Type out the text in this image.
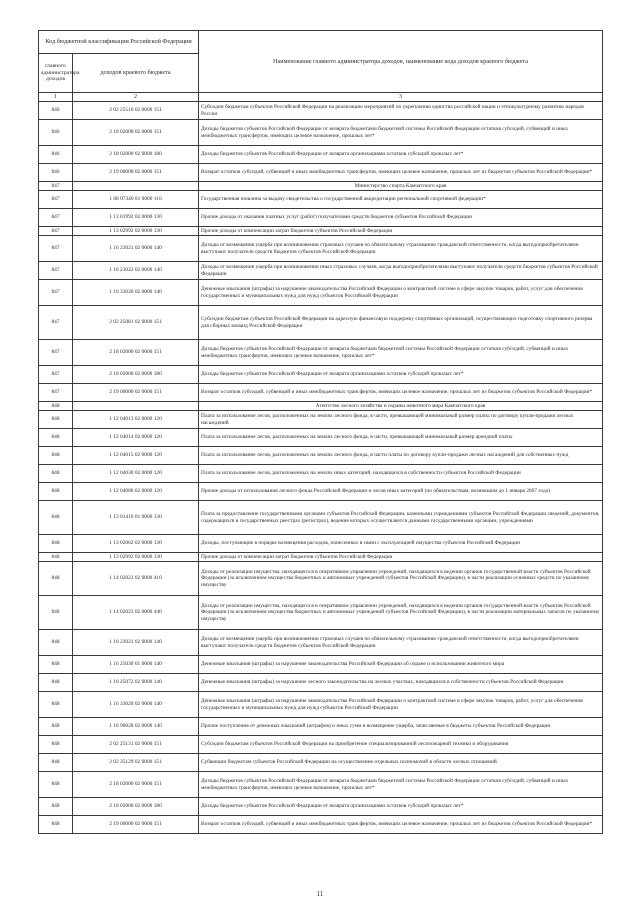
Код бюджетной классификации Российской Федерации		Наименование главного администратора доходов, наименование кода доходов краевого бюджета
главного администратора доходов	доходов краевого бюджета	
1	2	3
846	2 02 25516 02 0000 151	Субсидии бюджетам субъектов Российской Федерации на реализацию мероприятий по укреплению единства российской нации и этнокультурному развитию народов России
846	2 18 02000 02 0000 151	Доходы бюджетов субъектов Российской Федерации от возврата бюджетами бюджетной системы Российской Федерации остатков субсидий, субвенций и иных межбюджетных трансфертов, имеющих целевое назначение, прошлых лет*
846	2 18 02000 02 0000 180	Доходы бюджетов субъектов Российской Федерации от возврата организациями остатков субсидий прошлых лет*
846	2 19 00000 02 0000 151	Возврат остатков субсидий, субвенций и иных межбюджетных трансфертов, имеющих целевое назначение, прошлых лет из бюджетов субъектов Российской Федерации*
847		Министерство спорта Камчатского края
847	1 08 07340 01 0000 110	Государственная пошлина за выдачу свидетельства о государственной аккредитации региональной спортивной федерации*
847	1 13 01992 02 0000 130	Прочие доходы от оказания платных услуг (работ) получателями средств бюджетов субъектов Российской Федерации
847	1 13 02992 02 0000 130	Прочие доходы от компенсации затрат бюджетов субъектов Российской Федерации
847	1 16 23021 02 0000 140	Доходы от возмещения ущерба при возникновении страховых случаев по обязательному страхованию гражданской ответственности, когда выгодоприобретателями выступают получатели средств бюджетов субъектов Российской Федерации
847	1 16 23022 02 0000 140	Доходы от возмещения ущерба при возникновении иных страховых случаев, когда выгодоприобретателями выступают получатели средств бюджетов субъектов Российской Федерации
847	1 16 33020 02 0000 140	Денежные взыскания (штрафы) за нарушение законодательства Российской Федерации о контрактной системе в сфере закупок товаров, работ, услуг для обеспечения государственных и муниципальных нужд для нужд субъектов Российской Федерации
847	2 02 25081 02 0000 151	Субсидии бюджетам субъектов Российской Федерации на адресную финансовую поддержку спортивных организаций, осуществляющих подготовку спортивного резерва для сборных команд Российской Федерации
847	2 18 02000 02 0000 151	Доходы бюджетов субъектов Российской Федерации от возврата бюджетами бюджетной системы Российской Федерации остатков субсидий, субвенций и иных межбюджетных трансфертов, имеющих целевое назначение, прошлых лет*
847	2 18 02000 02 0000 180	Доходы бюджетов субъектов Российской Федерации от возврата организациями остатков субсидий прошлых лет*
847	2 19 00000 02 0000 151	Возврат остатков субсидий, субвенций и иных межбюджетных трансфертов, имеющих целевое назначение, прошлых лет из бюджетов субъектов Российской Федерации*
848		Агентство лесного хозяйства и охраны животного мира Камчатского края
848	1 12 04013 02 0000 120	Плата за использование лесов, расположенных на землях лесного фонда, в части, превышающей минимальный размер платы по договору купли-продажи лесных насаждений
848	1 12 04014 02 0000 120	Плата за использование лесов, расположенных на землях лесного фонда, в части, превышающей минимальный размер арендной платы
848	1 12 04015 02 0000 120	Плата за использование лесов, расположенных на землях лесного фонда, в части платы по договору купли-продажи лесных насаждений для собственных нужд
848	1 12 04030 02 0000 120	Плата за использование лесов, расположенных на землях иных категорий, находящихся в собственности субъектов Российской Федерации
848	1 12 04080 02 0000 120	Прочие доходы от использования лесного фонда Российской Федерации и лесов иных категорий (по обязательствам, возникшим до 1 января 2007 года)
848	1 13 01410 01 0000 130	Плата за предоставление государственными органами субъектов Российской Федерации, казенными учреждениями субъектов Российской Федерации сведений, документов, содержащихся в государственных реестрах (регистрах), ведение которых осуществляется данными государственными органами, учреждениями
848	1 13 02062 02 0000 130	Доходы, поступающие в порядке возмещения расходов, понесенных в связи с эксплуатацией имущества субъектов Российской Федерации
848	1 13 02992 02 0000 130	Прочие доходы от компенсации затрат бюджетов субъектов Российской Федерации
848	1 14 02023 02 0000 410	Доходы от реализации имущества, находящегося в оперативном управлении учреждений, находящихся в ведении органов государственной власти субъектов Российской Федерации (за исключением имущества бюджетных и автономных учреждений субъектов Российской Федерации), в части реализации основных средств по указанному имуществу
848	1 14 02023 02 0000 440	Доходы от реализации имущества, находящегося в оперативном управлении учреждений, находящихся в ведении органов государственной власти субъектов Российской Федерации (за исключением имущества бюджетных и автономных учреждений субъектов Российской Федерации), в части реализации материальных запасов по указанному имуществу
848	1 16 23021 02 0000 140	Доходы от возмещения ущерба при возникновении страховых случаев по обязательному страхованию гражданской ответственности, когда выгодоприобретателями выступают получатели средств бюджетов субъектов Российской Федерации
848	1 16 25030 01 0000 140	Денежные взыскания (штрафы) за нарушение законодательства Российской Федерации об охране и использовании животного мира
848	1 16 25072 02 0000 140	Денежные взыскания (штрафы) за нарушение лесного законодательства на лесных участках, находящихся в собственности субъектов Российской Федерации
848	1 16 33020 02 0000 140	Денежные взыскания (штрафы) за нарушение законодательства Российской Федерации о контрактной системе в сфере закупок товаров, работ, услуг для обеспечения государственных и муниципальных нужд для нужд субъектов Российской Федерации
848	1 16 90020 02 0000 140	Прочие поступления от денежных взысканий (штрафов) и иных сумм в возмещение ущерба, зачисляемые в бюджеты субъектов Российской Федерации
848	2 02 25131 02 0000 151	Субсидии бюджетам субъектов Российской Федерации на приобретение специализированной лесопожарной техники и оборудования
848	2 02 35129 02 0000 151	Субвенции бюджетам субъектов Российской Федерации на осуществление отдельных полномочий в области лесных отношений
848	2 18 02000 02 0000 151	Доходы бюджетов субъектов Российской Федерации от возврата бюджетами бюджетной системы Российской Федерации остатков субсидий, субвенций и иных межбюджетных трансфертов, имеющих целевое назначение, прошлых лет*
848	2 18 02000 02 0000 180	Доходы бюджетов субъектов Российской Федерации от возврата организациями остатков субсидий прошлых лет*
848	2 19 00000 02 0000 151	Возврат остатков субсидий, субвенций и иных межбюджетных трансфертов, имеющих целевое назначение, прошлых лет из бюджетов субъектов Российской Федерации*
11
